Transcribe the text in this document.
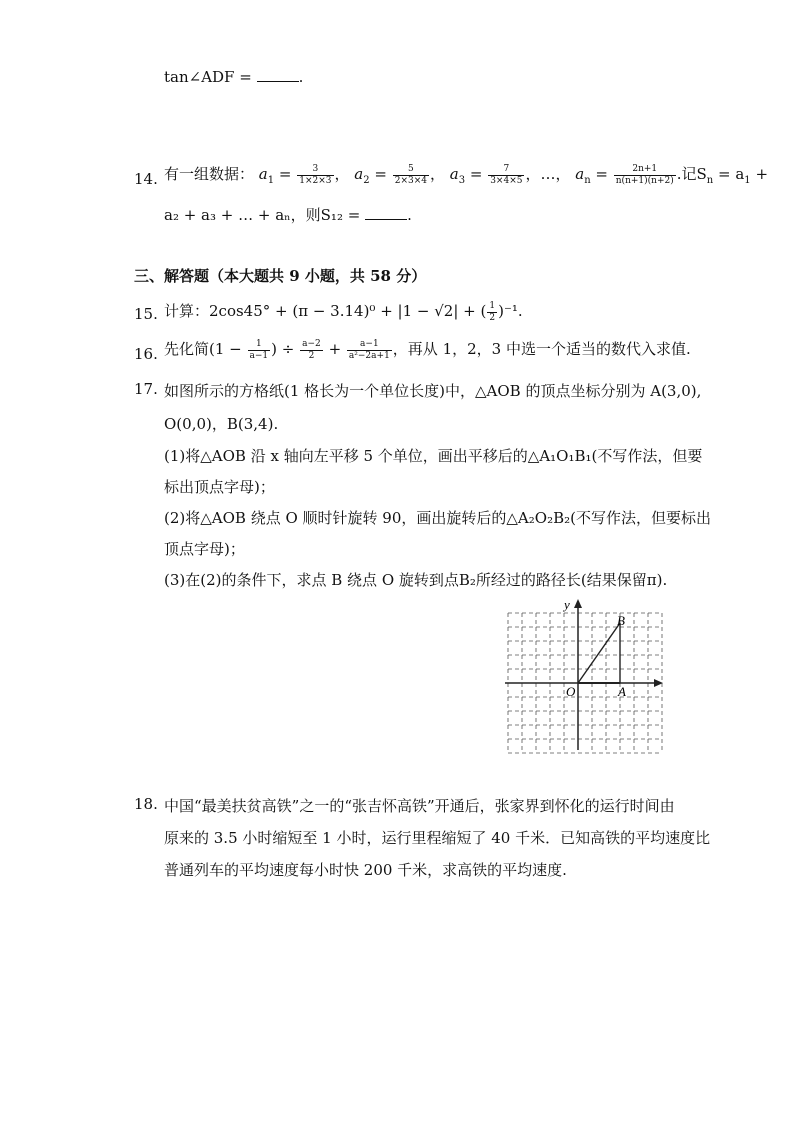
tan∠ADF =	.
14. 有一组数据： $a_1 = \frac{3}{1\times 2\times 3}$ ， $a_2 = \frac{5}{2\times 3\times 4}$ ， $a_3 = \frac{7}{3\times 4\times 5}$ ，…， $a_n = \frac{2n+1}{n(n+1)(n+2)}$ .记$S_n = a_1$ +
a₂ + a₃ + … + aₙ，则S₁₂ =	.
三、解答题（本大题共 9 小题，共 58 分）
15. 计算：2cos45° + (π − 3.14)⁰ + |1 − √2| + ( $\frac{1}{2} )^{-1}$.
16. 先化简($1 - \frac{1}{a-1}$ ) ÷ $\frac{a-2}{2} + \frac{a-1}{\text{a²−2a+1}}$ ，再从 1，2，3 中选一个适当的数代入求值.
17. 如图所示的方格纸(1 格长为一个单位长度)中，△AOB 的顶点坐标分别为 A(3,0),
O(0,0)，B(3,4).
(1)将△AOB 沿 x 轴向左平移 5 个单位，画出平移后的△A₁O₁B₁(不写作法，但要
标出顶点字母)；
(2)将△AOB 绕点 O 顺时针旋转 90，画出旋转后的△A₂O₂B₂(不写作法，但要标出
顶点字母)；
(3)在(2)的条件下，求点 B 绕点 O 旋转到点B₂所经过的路径长(结果保留π).
y
B
O	A
18. 中国“最美扶贫高铁”之一的“张吉怀高铁”开通后，张家界到怀化的运行时间由
原来的 3.5 小时缩短至 1 小时，运行里程缩短了 40 千米．已知高铁的平均速度比
普通列车的平均速度每小时快 200 千米，求高铁的平均速度.
